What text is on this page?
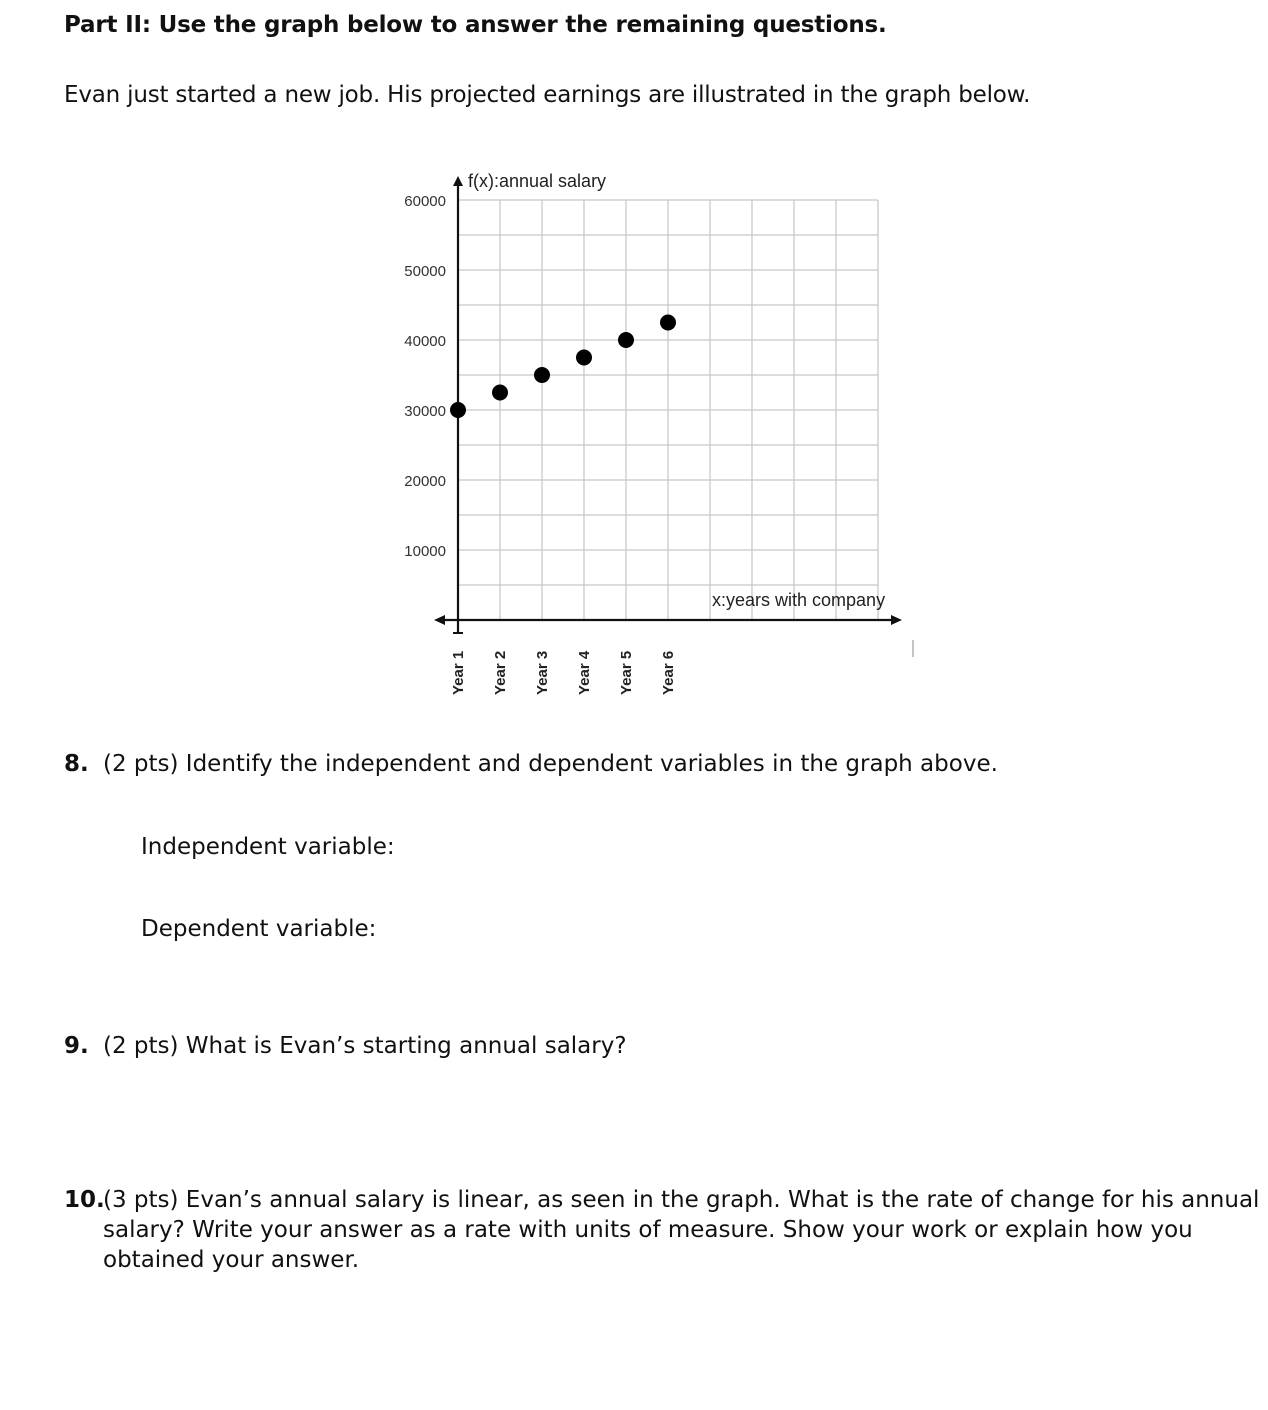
Part II: Use the graph below to answer the remaining questions.
Evan just started a new job. His projected earnings are illustrated in the graph below.
10000
20000
30000
40000
50000
60000
Year 1 Year 2 Year 3 Year 4 Year 5 Year 6
f(x):annual salary
x:years with company
8. (2 pts) Identify the independent and dependent variables in the graph above.
Independent variable:
Dependent variable:
9. (2 pts) What is Evan’s starting annual salary?
10.
(3 pts) Evan’s annual salary is linear, as seen in the graph. What is the rate of change for his annual
salary? Write your answer as a rate with units of measure. Show your work or explain how you
obtained your answer.
